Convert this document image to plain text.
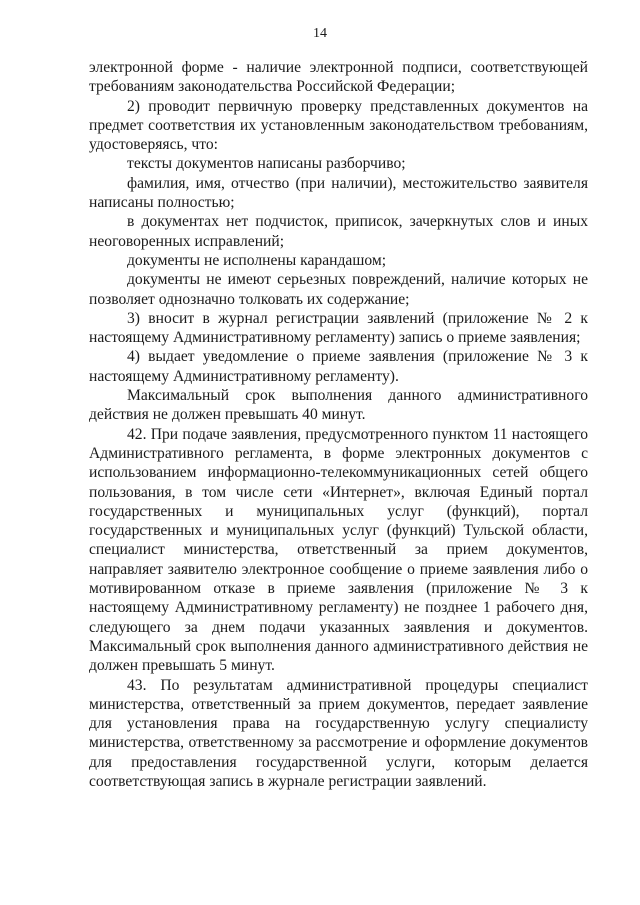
14

электронной форме - наличие электронной подписи, соответствующей требованиям законодательства Российской Федерации;

2) проводит первичную проверку представленных документов на предмет соответствия их установленным законодательством требованиям, удостоверяясь, что:

тексты документов написаны разборчиво;

фамилия, имя, отчество (при наличии), местожительство заявителя написаны полностью;

в документах нет подчисток, приписок, зачеркнутых слов и иных неоговоренных исправлений;

документы не исполнены карандашом;

документы не имеют серьезных повреждений, наличие которых не позволяет однозначно толковать их содержание;

3) вносит в журнал регистрации заявлений (приложение № 2 к настоящему Административному регламенту) запись о приеме заявления;

4) выдает уведомление о приеме заявления (приложение № 3 к настоящему Административному регламенту).

Максимальный срок выполнения данного административного действия не должен превышать 40 минут.

42. При подаче заявления, предусмотренного пунктом 11 настоящего Административного регламента, в форме электронных документов с использованием информационно-телекоммуникационных сетей общего пользования, в том числе сети «Интернет», включая Единый портал государственных и муниципальных услуг (функций), портал государственных и муниципальных услуг (функций) Тульской области, специалист министерства, ответственный за прием документов, направляет заявителю электронное сообщение о приеме заявления либо о мотивированном отказе в приеме заявления (приложение № 3 к настоящему Административному регламенту) не позднее 1 рабочего дня, следующего за днем подачи указанных заявления и документов. Максимальный срок выполнения данного административного действия не должен превышать 5 минут.

43. По результатам административной процедуры специалист министерства, ответственный за прием документов, передает заявление для установления права на государственную услугу специалисту министерства, ответственному за рассмотрение и оформление документов для предоставления государственной услуги, которым делается соответствующая запись в журнале регистрации заявлений.
